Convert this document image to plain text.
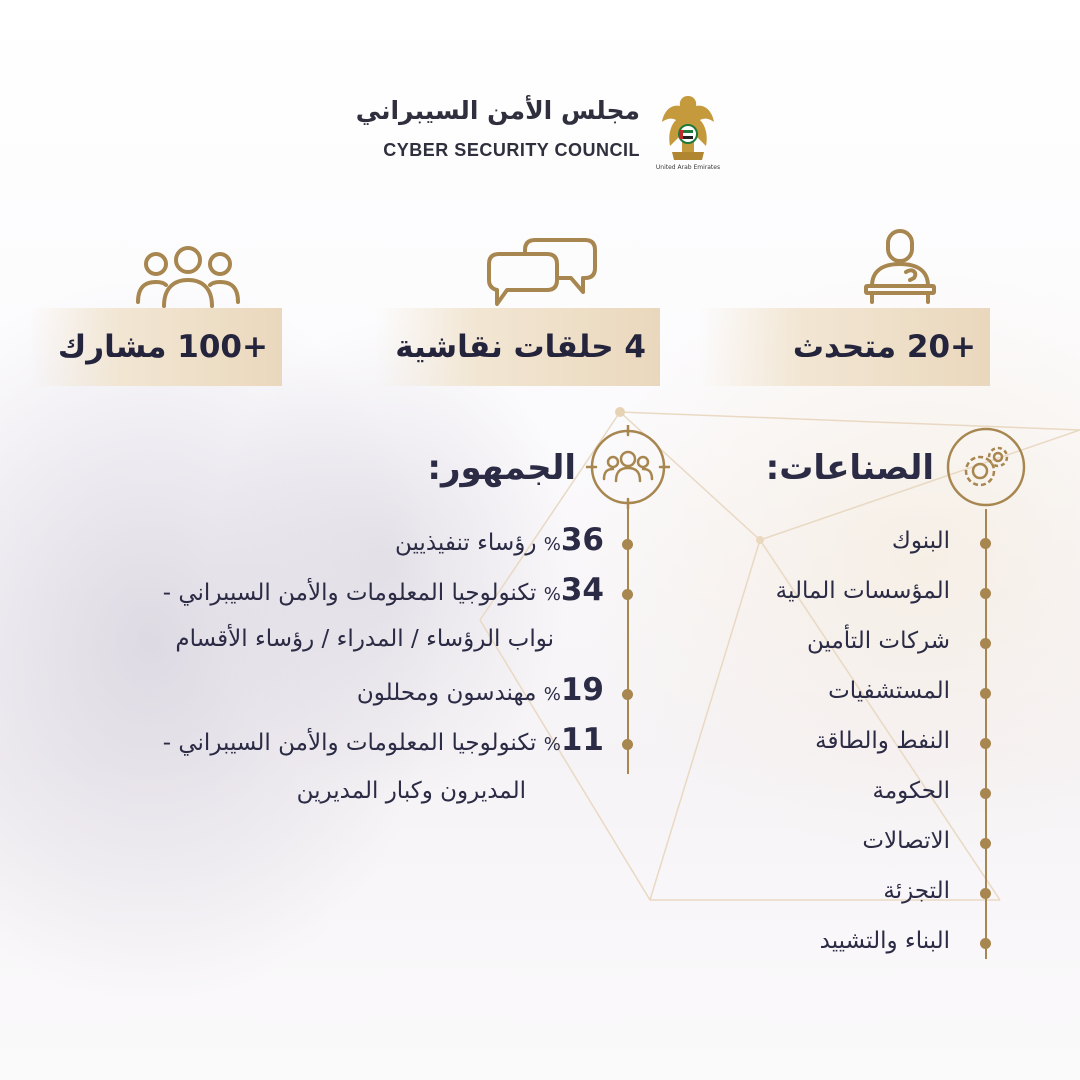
مجلس الأمن السيبراني
CYBER SECURITY COUNCIL
United Arab Emirates
+20 متحدث
4 حلقات نقاشية
+100 مشارك
الصناعات:
البنوك
المؤسسات المالية
شركات التأمين
المستشفيات
النفط والطاقة
الحكومة
الاتصالات
التجزئة
البناء والتشييد
الجمهور:
%36 رؤساء تنفيذيين
%34 تكنولوجيا المعلومات والأمن السيبراني -
نواب الرؤساء / المدراء / رؤساء الأقسام
%19 مهندسون ومحللون
%11 تكنولوجيا المعلومات والأمن السيبراني -
المديرون وكبار المديرين
